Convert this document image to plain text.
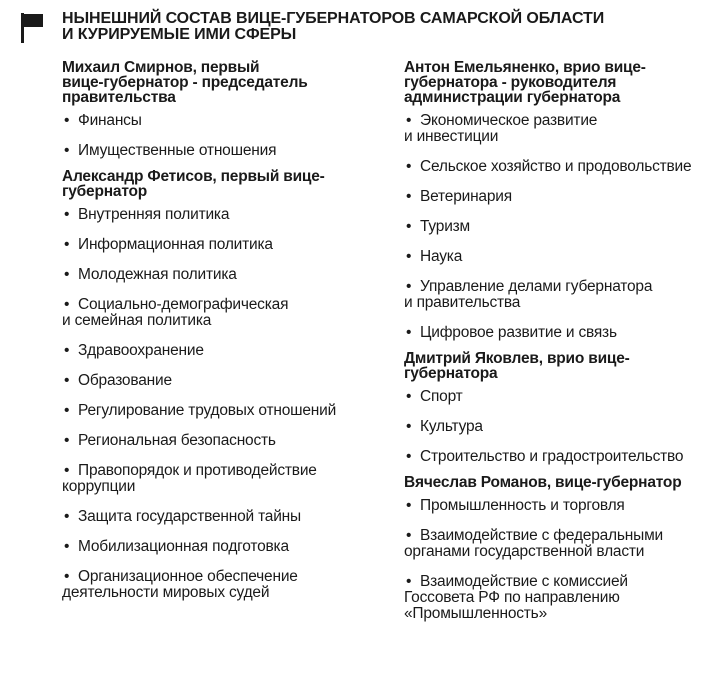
НЫНЕШНИЙ СОСТАВ ВИЦЕ-ГУБЕРНАТОРОВ САМАРСКОЙ ОБЛАСТИ
И КУРИРУЕМЫЕ ИМИ СФЕРЫ
Михаил Смирнов, первый
вице-губернатор - председатель
правительства
• Финансы
• Имущественные отношения
Александр Фетисов, первый вице-
губернатор
• Внутренняя политика
• Информационная политика
• Молодежная политика
• Социально-демографическая
и семейная политика
• Здравоохранение
• Образование
• Регулирование трудовых отношений
• Региональная безопасность
• Правопорядок и противодействие
коррупции
• Защита государственной тайны
• Мобилизационная подготовка
• Организационное обеспечение
деятельности мировых судей
Антон Емельяненко, врио вице-
губернатора - руководителя
администрации губернатора
• Экономическое развитие
и инвестиции
• Сельское хозяйство и продовольствие
• Ветеринария
• Туризм
• Наука
• Управление делами губернатора
и правительства
• Цифровое развитие и связь
Дмитрий Яковлев, врио вице-
губернатора
• Спорт
• Культура
• Строительство и градостроительство
Вячеслав Романов, вице-губернатор
• Промышленность и торговля
• Взаимодействие с федеральными
органами государственной власти
• Взаимодействие с комиссией
Госсовета РФ по направлению
«Промышленность»
